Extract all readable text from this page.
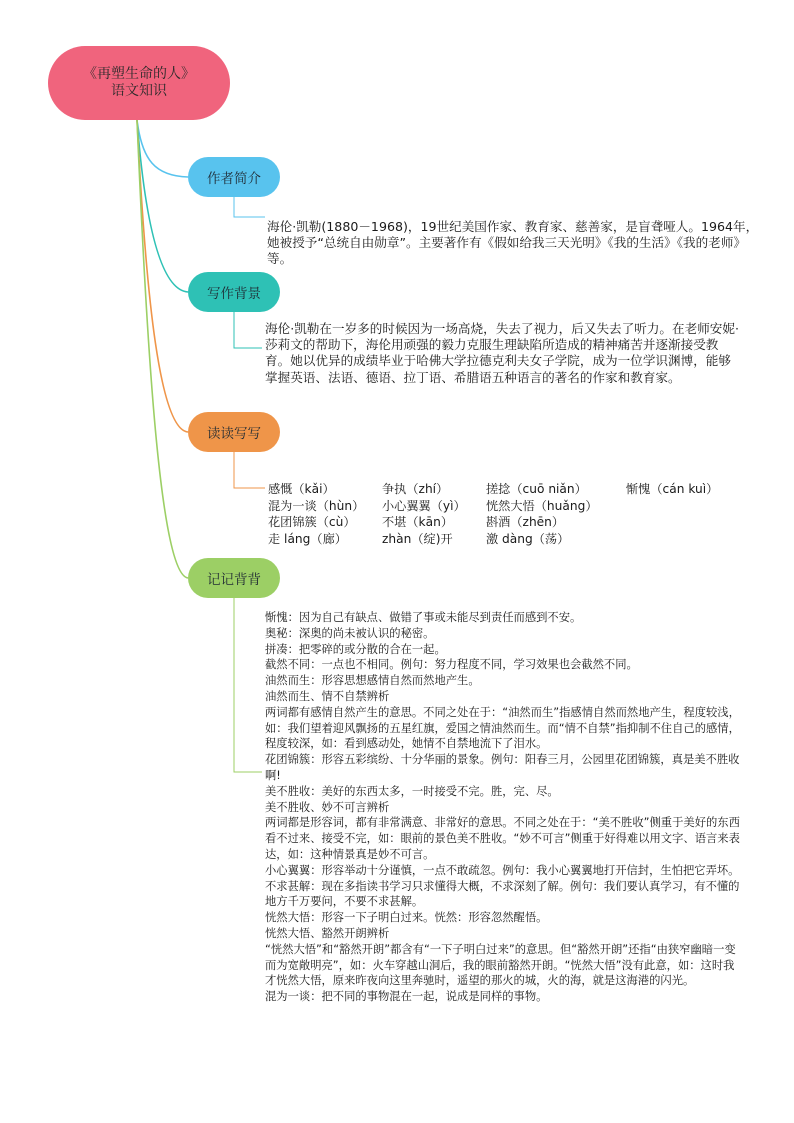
《再塑生命的人》
语文知识
作者简介
海伦·凯勒(1880－1968)，19世纪美国作家、教育家、慈善家，是盲聋哑人。1964年，她被授予“总统自由勋章”。主要著作有《假如给我三天光明》《我的生活》《我的老师》等。
写作背景
海伦·凯勒在一岁多的时候因为一场高烧，失去了视力，后又失去了听力。在老师安妮·莎莉文的帮助下，海伦用顽强的毅力克服生理缺陷所造成的精神痛苦并逐渐接受教育。她以优异的成绩毕业于哈佛大学拉德克利夫女子学院，成为一位学识渊博，能够掌握英语、法语、德语、拉丁语、希腊语五种语言的著名的作家和教育家。
读读写写
感慨（kǎi）	争执（zhí）	搓捻（cuō niǎn）	惭愧（cán kuì）
混为一谈（hùn）	小心翼翼（yì）	恍然大悟（huǎng）
花团锦簇（cù）	不堪（kān）	斟酒（zhēn）
走 láng（廊）	zhàn（绽)开	激 dàng（荡）
记记背背
惭愧：因为自己有缺点、做错了事或未能尽到责任而感到不安。
奥秘：深奥的尚未被认识的秘密。
拼凑：把零碎的或分散的合在一起。
截然不同：一点也不相同。例句：努力程度不同，学习效果也会截然不同。
油然而生：形容思想感情自然而然地产生。
油然而生、情不自禁辨析
两词都有感情自然产生的意思。不同之处在于：“油然而生”指感情自然而然地产生，程度较浅，如：我们望着迎风飘扬的五星红旗，爱国之情油然而生。而“情不自禁”指抑制不住自己的感情，程度较深，如：看到感动处，她情不自禁地流下了泪水。
花团锦簇：形容五彩缤纷、十分华丽的景象。例句：阳春三月，公园里花团锦簇，真是美不胜收啊!
美不胜收：美好的东西太多，一时接受不完。胜，完、尽。
美不胜收、妙不可言辨析
两词都是形容词，都有非常满意、非常好的意思。不同之处在于：“美不胜收”侧重于美好的东西看不过来、接受不完，如：眼前的景色美不胜收。“妙不可言”侧重于好得难以用文字、语言来表达，如：这种情景真是妙不可言。
小心翼翼：形容举动十分谨慎，一点不敢疏忽。例句：我小心翼翼地打开信封，生怕把它弄坏。
不求甚解：现在多指读书学习只求懂得大概，不求深刻了解。例句：我们要认真学习，有不懂的地方千万要问，不要不求甚解。
恍然大悟：形容一下子明白过来。恍然：形容忽然醒悟。
恍然大悟、豁然开朗辨析
“恍然大悟”和“豁然开朗”都含有“一下子明白过来”的意思。但“豁然开朗”还指“由狭窄幽暗一变而为宽敞明亮”，如：火车穿越山洞后，我的眼前豁然开朗。“恍然大悟”没有此意，如：这时我才恍然大悟，原来昨夜向这里奔驰时，遥望的那火的城，火的海，就是这海港的闪光。
混为一谈：把不同的事物混在一起，说成是同样的事物。
